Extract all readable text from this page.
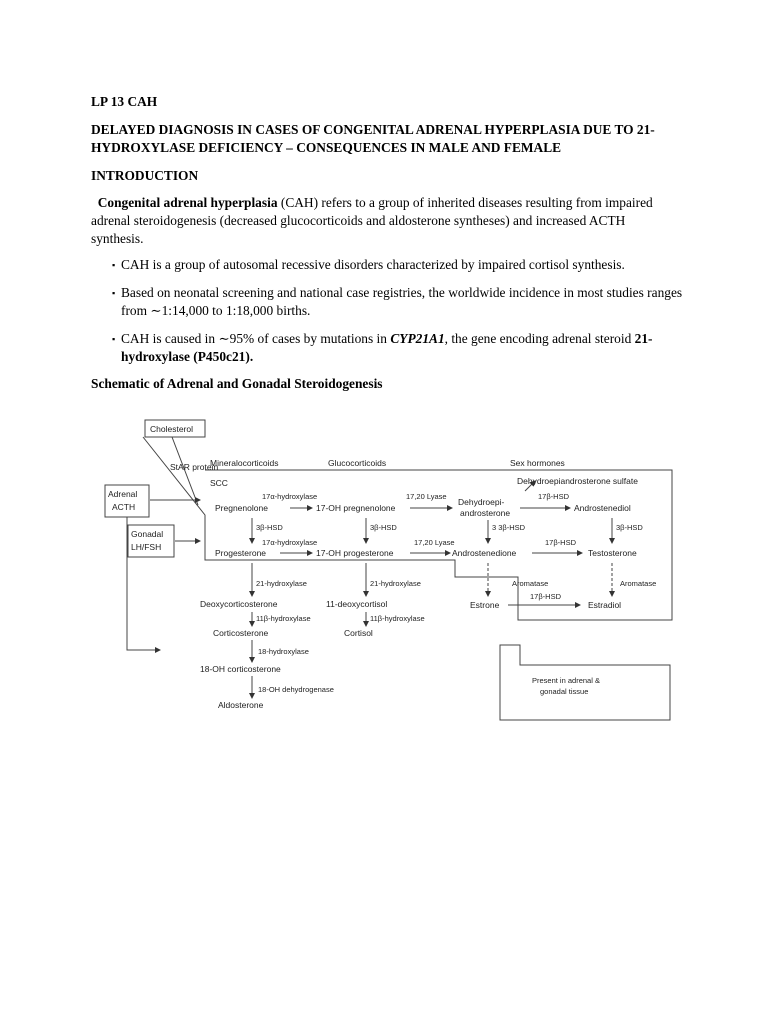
LP 13 CAH
DELAYED DIAGNOSIS IN CASES OF CONGENITAL ADRENAL HYPERPLASIA DUE TO 21-HYDROXYLASE DEFICIENCY – CONSEQUENCES IN MALE AND FEMALE
INTRODUCTION
Congenital adrenal hyperplasia (CAH) refers to a group of inherited diseases resulting from impaired adrenal steroidogenesis (decreased glucocorticoids and aldosterone syntheses) and increased ACTH synthesis.
▪ CAH is a group of autosomal recessive disorders characterized by impaired cortisol synthesis.
▪ Based on neonatal screening and national case registries, the worldwide incidence in most studies ranges from ∼1:14,000 to 1:18,000 births.
▪ CAH is caused in ∼95% of cases by mutations in CYP21A1, the gene encoding adrenal steroid 21-hydroxylase (P450c21).
Schematic of Adrenal and Gonadal Steroidogenesis
Cholesterol
StAR protein
Adrenal
ACTH
Gonadal
LH/FSH
Mineralocorticoids	Glucocorticoids	Sex hormones
SCC	Dehydroepiandrosterone sulfate
17α-hydroxylase	17,20 Lyase	17β-HSD
Pregnenolone	17-OH pregnenolone
Dehydroepi-
androsterone	Androstenediol
3β-HSD	3β-HSD	3 3β-HSD	3β-HSD
17α-hydroxylase	17,20 Lyase	17β-HSD
Progesterone	17-OH progesterone	Androstenedione	Testosterone
21-hydroxylase	21-hydroxylase	Aromatase	Aromatase
Deoxycorticosterone	11-deoxycortisol
17β-HSD
Estrone	Estradiol
11β-hydroxylase	11β-hydroxylase
Corticosterone	Cortisol
18-hydroxylase
18-OH corticosterone
18-OH dehydrogenase
Aldosterone
Present in adrenal &
gonadal tissue
